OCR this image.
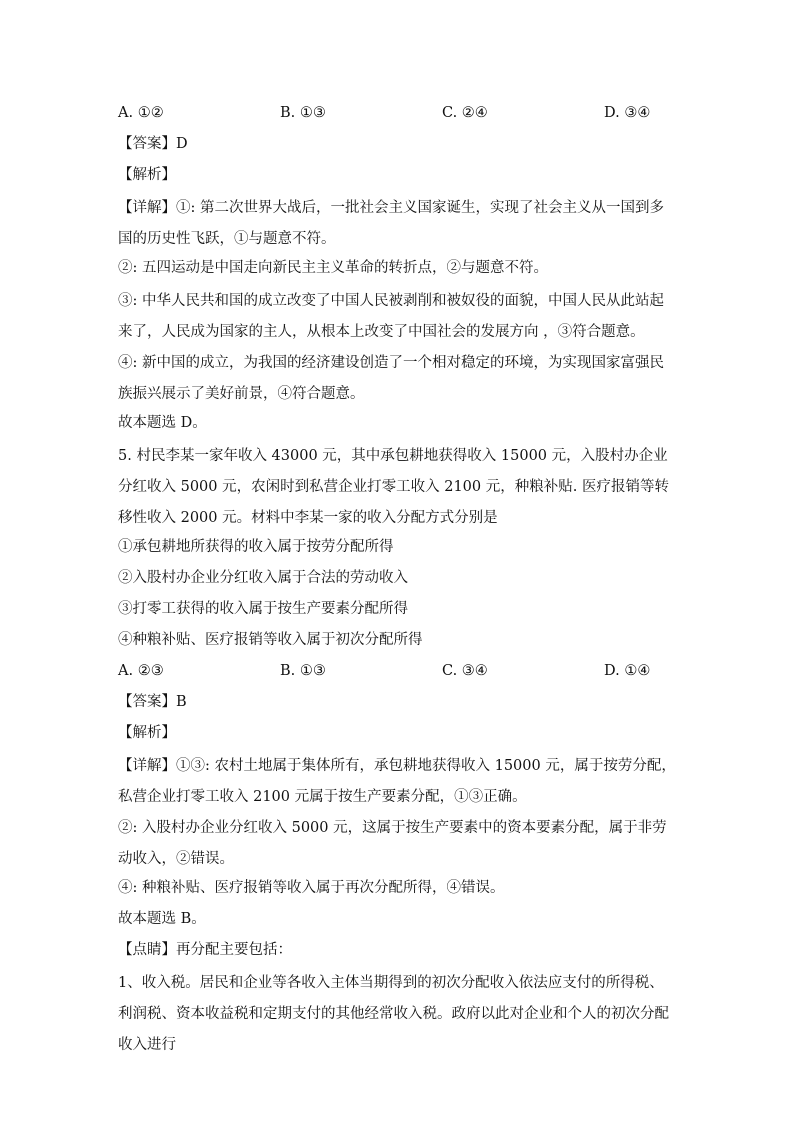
A. ①②	B. ①③	C. ②④	D. ③④
【答案】D
【解析】
【详解】①: 第二次世界大战后，一批社会主义国家诞生，实现了社会主义从一国到多国的历史性飞跃，①与题意不符。
②: 五四运动是中国走向新民主主义革命的转折点，②与题意不符。
③: 中华人民共和国的成立改变了中国人民被剥削和被奴役的面貌，中国人民从此站起来了，人民成为国家的主人，从根本上改变了中国社会的发展方向 ，③符合题意。
④: 新中国的成立，为我国的经济建设创造了一个相对稳定的环境，为实现国家富强民族振兴展示了美好前景，④符合题意。
故本题选 D。
5. 村民李某一家年收入 43000 元，其中承包耕地获得收入 15000 元，入股村办企业分红收入 5000 元，农闲时到私营企业打零工收入 2100 元，种粮补贴. 医疗报销等转移性收入 2000 元。材料中李某一家的收入分配方式分别是
①承包耕地所获得的收入属于按劳分配所得
②入股村办企业分红收入属于合法的劳动收入
③打零工获得的收入属于按生产要素分配所得
④种粮补贴、医疗报销等收入属于初次分配所得
A. ②③	B. ①③	C. ③④	D. ①④
【答案】B
【解析】
【详解】①③: 农村土地属于集体所有，承包耕地获得收入 15000 元，属于按劳分配，私营企业打零工收入 2100 元属于按生产要素分配，①③正确。
②: 入股村办企业分红收入 5000 元，这属于按生产要素中的资本要素分配，属于非劳动收入，②错误。
④: 种粮补贴、医疗报销等收入属于再次分配所得，④错误。
故本题选 B。
【点睛】再分配主要包括：
1、收入税。居民和企业等各收入主体当期得到的初次分配收入依法应支付的所得税、利润税、资本收益税和定期支付的其他经常收入税。政府以此对企业和个人的初次分配收入进行
